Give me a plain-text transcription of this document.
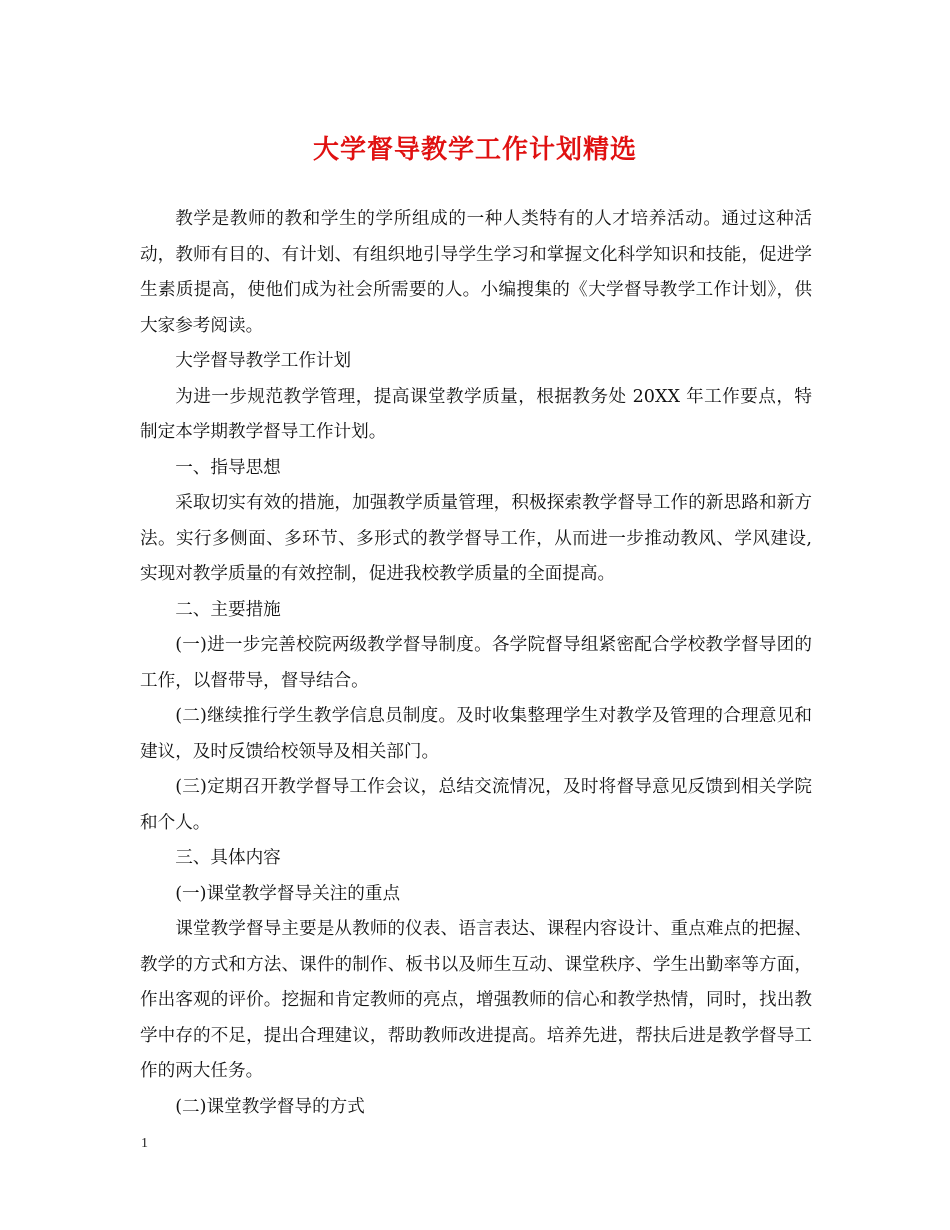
大学督导教学工作计划精选

教学是教师的教和学生的学所组成的一种人类特有的人才培养活动。通过这种活动，教师有目的、有计划、有组织地引导学生学习和掌握文化科学知识和技能，促进学生素质提高，使他们成为社会所需要的人。小编搜集的《大学督导教学工作计划》，供大家参考阅读。

大学督导教学工作计划

为进一步规范教学管理，提高课堂教学质量，根据教务处 20XX 年工作要点，特制定本学期教学督导工作计划。

一、指导思想

采取切实有效的措施，加强教学质量管理，积极探索教学督导工作的新思路和新方法。实行多侧面、多环节、多形式的教学督导工作，从而进一步推动教风、学风建设,实现对教学质量的有效控制，促进我校教学质量的全面提高。

二、主要措施

(一)进一步完善校院两级教学督导制度。各学院督导组紧密配合学校教学督导团的工作，以督带导，督导结合。

(二)继续推行学生教学信息员制度。及时收集整理学生对教学及管理的合理意见和建议，及时反馈给校领导及相关部门。

(三)定期召开教学督导工作会议，总结交流情况，及时将督导意见反馈到相关学院和个人。

三、具体内容

(一)课堂教学督导关注的重点

课堂教学督导主要是从教师的仪表、语言表达、课程内容设计、重点难点的把握、教学的方式和方法、课件的制作、板书以及师生互动、课堂秩序、学生出勤率等方面，作出客观的评价。挖掘和肯定教师的亮点，增强教师的信心和教学热情，同时，找出教学中存的不足，提出合理建议，帮助教师改进提高。培养先进，帮扶后进是教学督导工作的两大任务。

(二)课堂教学督导的方式

1
